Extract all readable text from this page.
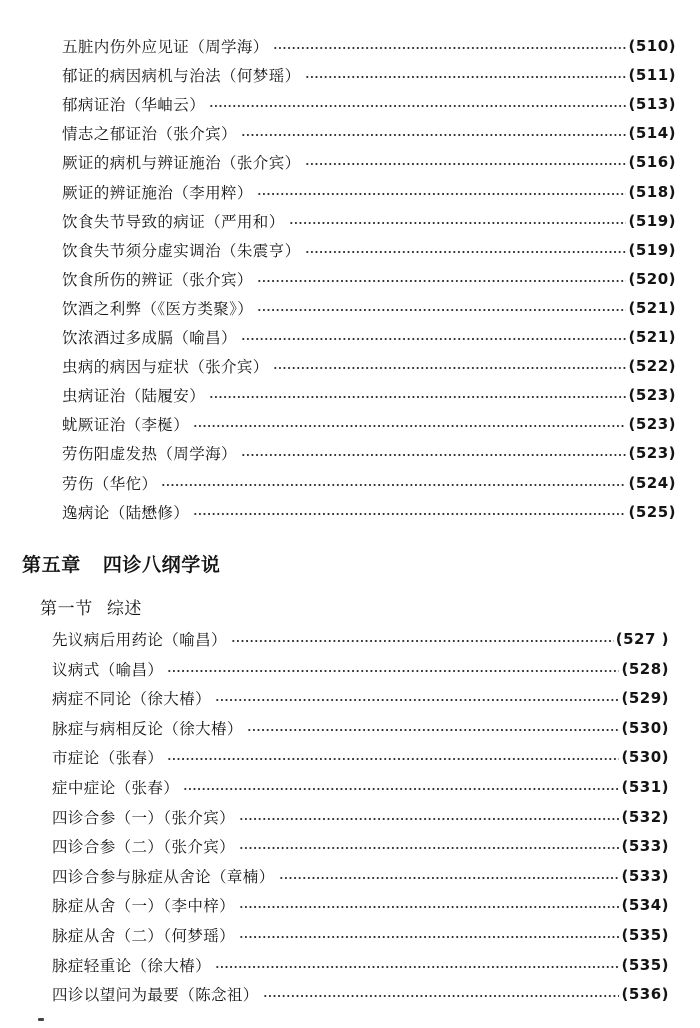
五脏内伤外应见证（周学海）	(510)
郁证的病因病机与治法（何梦瑶）	(511)
郁病证治（华岫云）	(513)
情志之郁证治（张介宾）	(514)
厥证的病机与辨证施治（张介宾）	(516)
厥证的辨证施治（李用粹）	(518)
饮食失节导致的病证（严用和）	(519)
饮食失节须分虚实调治（朱震亨）	(519)
饮食所伤的辨证（张介宾）	(520)
饮酒之利弊（《医方类聚》）	(521)
饮浓酒过多成膈（喻昌）	(521)
虫病的病因与症状（张介宾）	(522)
虫病证治（陆履安）	(523)
蚘厥证治（李梴）	(523)
劳伤阳虚发热（周学海）	(523)
劳伤（华佗）	(524)
逸病论（陆懋修）	(525)
第五章 四诊八纲学说
第一节 综述
先议病后用药论（喻昌）	(527 )
议病式（喻昌）	(528)
病症不同论（徐大椿）	(529)
脉症与病相反论（徐大椿）	(530)
市症论（张春）	(530)
症中症论（张春）	(531)
四诊合参（一）（张介宾）	(532)
四诊合参（二）（张介宾）	(533)
四诊合参与脉症从舍论（章楠）	(533)
脉症从舍（一）（李中梓）	(534)
脉症从舍（二）（何梦瑶）	(535)
脉症轻重论（徐大椿）	(535)
四诊以望问为最要（陈念祖）	(536)
